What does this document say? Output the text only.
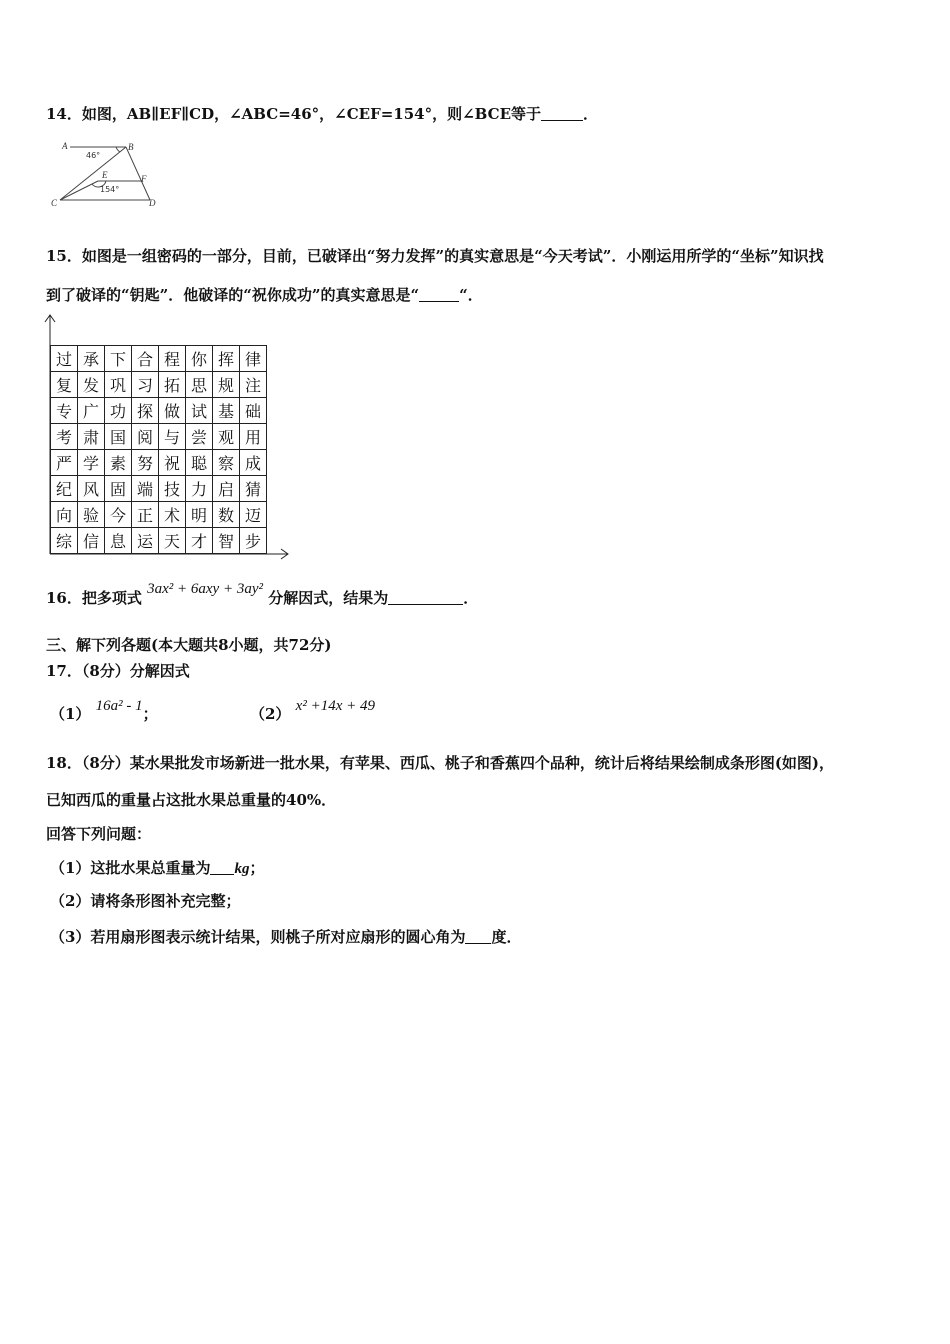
14．如图，AB∥EF∥CD，∠ABC=46°，∠CEF=154°，则∠BCE等于	．
A	B
C	D
E	F
46°
154°
15．如图是一组密码的一部分，目前，已破译出“努力发挥”的真实意思是“今天考试”．小刚运用所学的“坐标”知识找
到了破译的“钥匙”．他破译的“祝你成功”的真实意思是“	“．
过	承	下	合	程	你	挥	律
复	发	巩	习	拓	思	规	注
专	广	功	探	做	试	基	础
考	肃	国	阅	与	尝	观	用
严	学	素	努	祝	聪	察	成
纪	风	固	端	技	力	启	猜
向	验	今	正	术	明	数	迈
综	信	息	运	天	才	智	步
16．把多项式 3ax² + 6axy + 3ay² 分解因式，结果为	．
三、解下列各题(本大题共8小题，共72分)
17．（8分）分解因式
（1） 16a² - 1；	（2） x² +14x + 49
18．（8分）某水果批发市场新进一批水果，有苹果、西瓜、桃子和香蕉四个品种，统计后将结果绘制成条形图(如图)，
已知西瓜的重量占这批水果总重量的40%．
回答下列问题：
（1）这批水果总重量为 kg；
（2）请将条形图补充完整；
（3）若用扇形图表示统计结果，则桃子所对应扇形的圆心角为 度．
